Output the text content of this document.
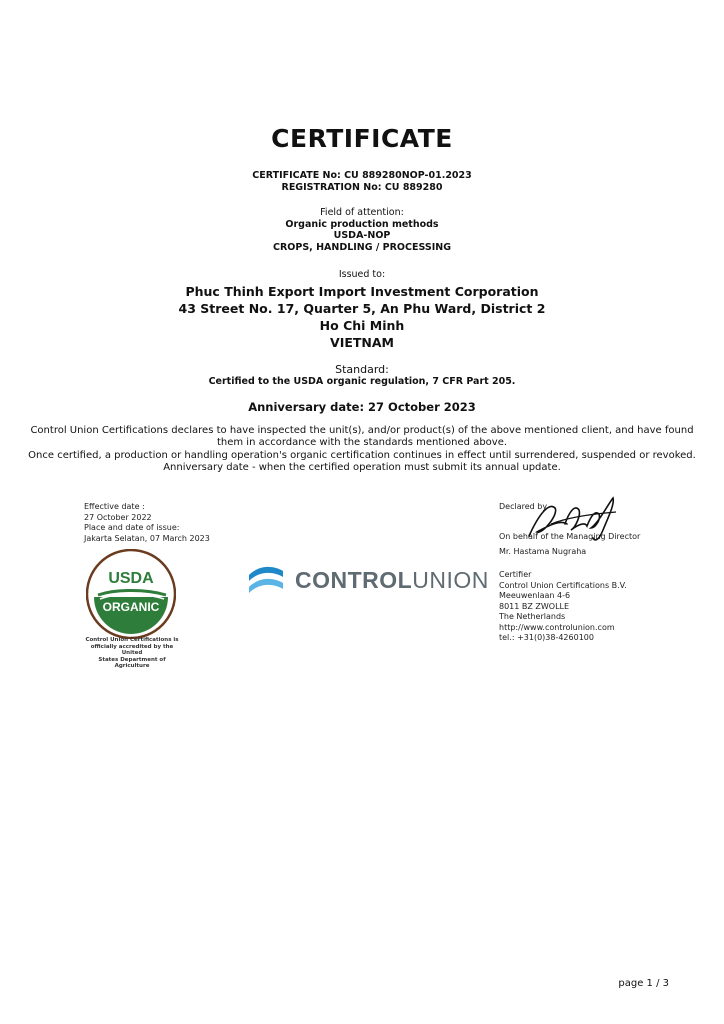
CERTIFICATE
CERTIFICATE No: CU 889280NOP-01.2023
REGISTRATION No: CU 889280
Field of attention:
Organic production methods
USDA-NOP
CROPS, HANDLING / PROCESSING
Issued to:
Phuc Thinh Export Import Investment Corporation
43 Street No. 17, Quarter 5, An Phu Ward, District 2
Ho Chi Minh
VIETNAM
Standard:
Certified to the USDA organic regulation, 7 CFR Part 205.
Anniversary date: 27 October 2023
Control Union Certifications declares to have inspected the unit(s), and/or product(s) of the above mentioned client, and have found
them in accordance with the standards mentioned above.
Once certified, a production or handling operation's organic certification continues in effect until surrendered, suspended or revoked.
Anniversary date - when the certified operation must submit its annual update.
Effective date :
27 October 2022
Place and date of issue:
Jakarta Selatan, 07 March 2023
Declared by
On behalf of the Managing Director
Mr. Hastama Nugraha
Certifier
Control Union Certifications B.V.
Meeuwenlaan 4-6
8011 BZ ZWOLLE
The Netherlands
http://www.controlunion.com
tel.: +31(0)38-4260100
USDA
ORGANIC
Control Union Certifications is
officially accredited by the United
States Department of Agriculture
CONTROLUNION
page 1 / 3
